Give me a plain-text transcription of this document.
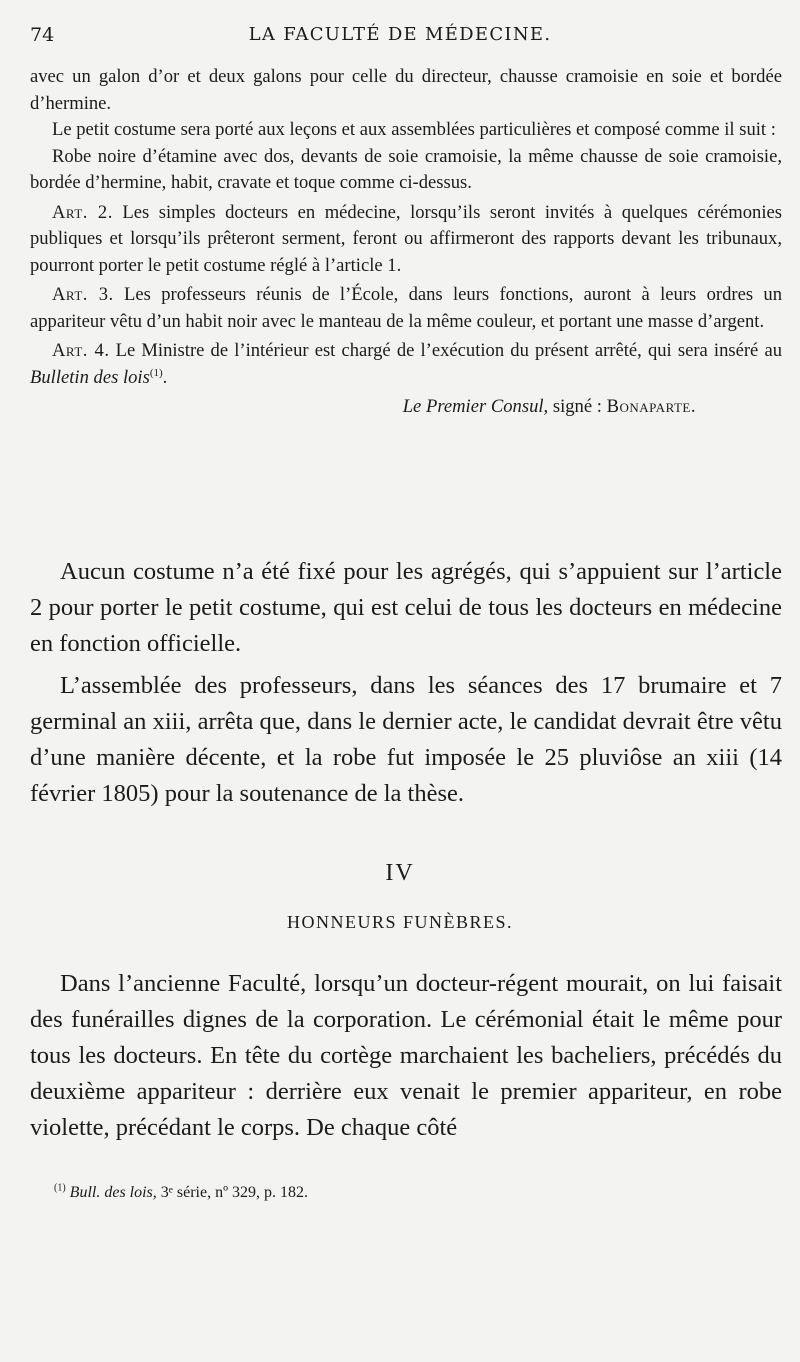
74	LA FACULTÉ DE MÉDECINE.

avec un galon d’or et deux galons pour celle du directeur, chausse cramoisie en soie et bordée d’hermine.

Le petit costume sera porté aux leçons et aux assemblées particulières et composé comme il suit :

Robe noire d’étamine avec dos, devants de soie cramoisie, la même chausse de soie cramoisie, bordée d’hermine, habit, cravate et toque comme ci-dessus.

Art. 2. Les simples docteurs en médecine, lorsqu’ils seront invités à quelques cérémonies publiques et lorsqu’ils prêteront serment, feront ou affirmeront des rapports devant les tribunaux, pourront porter le petit costume réglé à l’article 1.

Art. 3. Les professeurs réunis de l’École, dans leurs fonctions, auront à leurs ordres un appariteur vêtu d’un habit noir avec le manteau de la même couleur, et portant une masse d’argent.

Art. 4. Le Ministre de l’intérieur est chargé de l’exécution du présent arrêté, qui sera inséré au Bulletin des lois$^{(1)}$.

Le Premier Consul, signé : Bonaparte.

Aucun costume n’a été fixé pour les agrégés, qui s’appuient sur l’article 2 pour porter le petit costume, qui est celui de tous les docteurs en médecine en fonction officielle.

L’assemblée des professeurs, dans les séances des 17 brumaire et 7 germinal an xiii, arrêta que, dans le dernier acte, le candidat devrait être vêtu d’une manière décente, et la robe fut imposée le 25 pluviôse an xiii (14 février 1805) pour la soutenance de la thèse.

IV
HONNEURS FUNÈBRES.

Dans l’ancienne Faculté, lorsqu’un docteur-régent mourait, on lui faisait des funérailles dignes de la corporation. Le cérémonial était le même pour tous les docteurs. En tête du cortège marchaient les bacheliers, précédés du deuxième appariteur : derrière eux venait le premier appariteur, en robe violette, précédant le corps. De chaque côté

$^{(1)}$ Bull. des lois, 3ᵉ série, nº 329, p. 182.
